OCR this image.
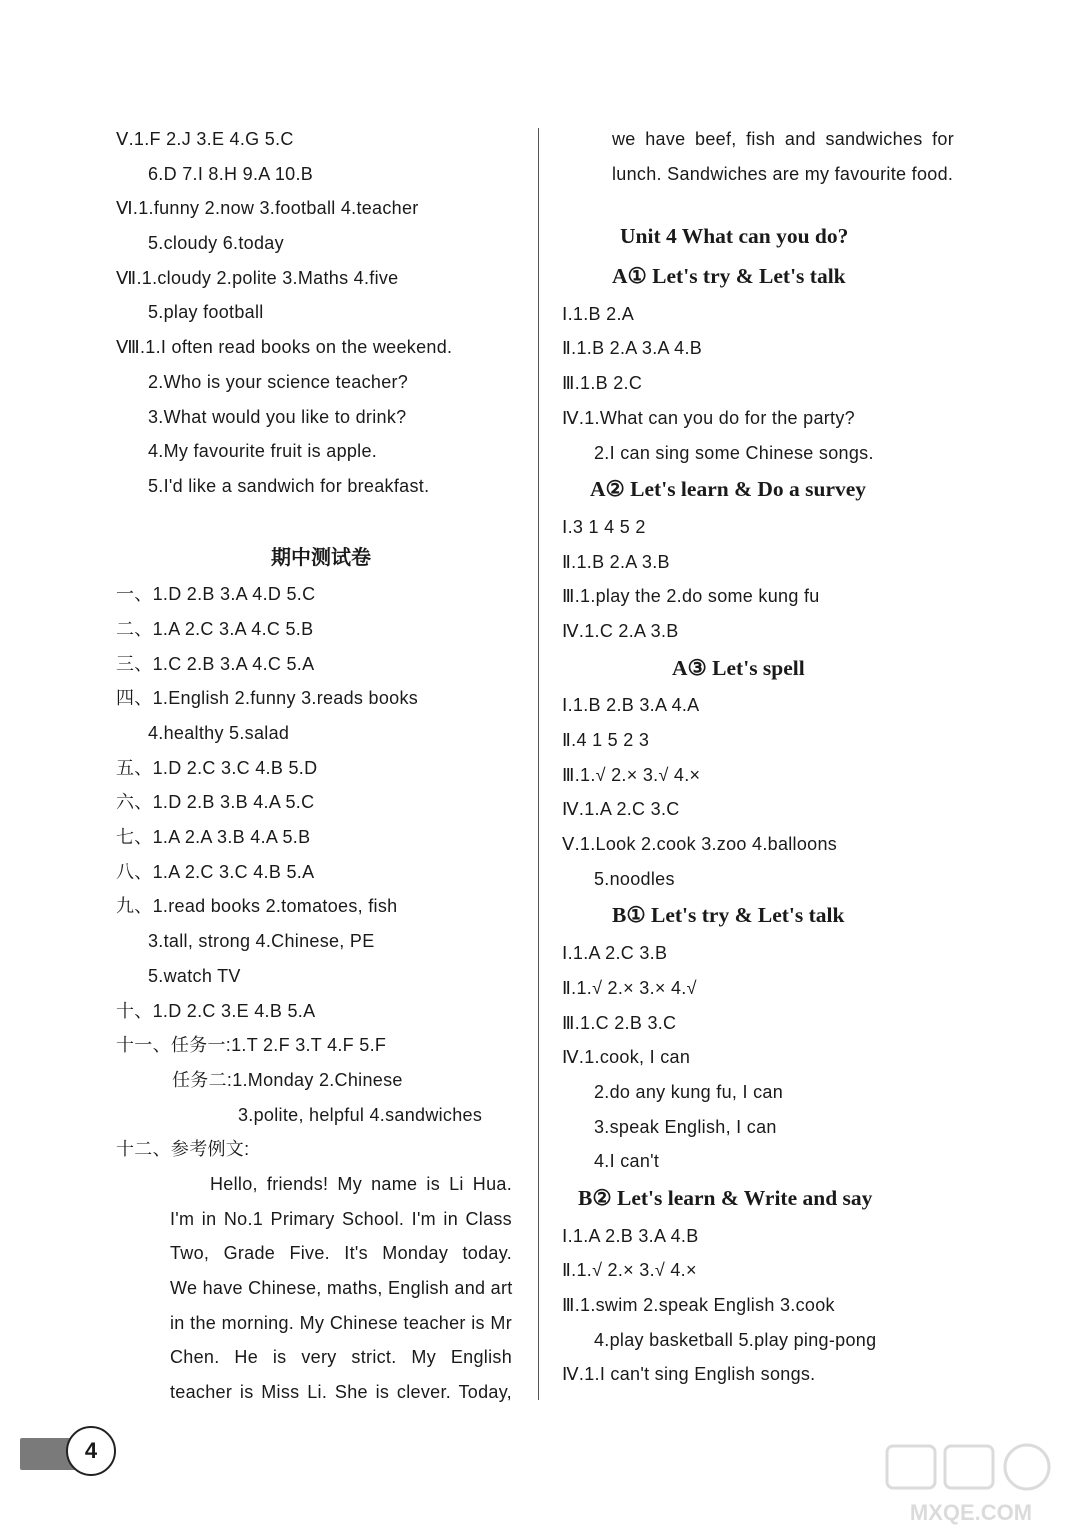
Ⅴ.1.F 2.J 3.E 4.G 5.C
6.D 7.I 8.H 9.A 10.B
Ⅵ.1.funny 2.now 3.football 4.teacher
5.cloudy 6.today
Ⅶ.1.cloudy 2.polite 3.Maths 4.five
5.play football
Ⅷ.1.I often read books on the weekend.
2.Who is your science teacher?
3.What would you like to drink?
4.My favourite fruit is apple.
5.I'd like a sandwich for breakfast.
期中测试卷
一、1.D 2.B 3.A 4.D 5.C
二、1.A 2.C 3.A 4.C 5.B
三、1.C 2.B 3.A 4.C 5.A
四、1.English 2.funny 3.reads books
4.healthy 5.salad
五、1.D 2.C 3.C 4.B 5.D
六、1.D 2.B 3.B 4.A 5.C
七、1.A 2.A 3.B 4.A 5.B
八、1.A 2.C 3.C 4.B 5.A
九、1.read books 2.tomatoes, fish
3.tall, strong 4.Chinese, PE
5.watch TV
十、1.D 2.C 3.E 4.B 5.A
十一、任务一:1.T 2.F 3.T 4.F 5.F
任务二:1.Monday 2.Chinese
3.polite, helpful 4.sandwiches
十二、参考例文:
Hello, friends! My name is Li Hua.
I'm in No.1 Primary School. I'm in Class
Two, Grade Five. It's Monday today.
We have Chinese, maths, English and art
in the morning. My Chinese teacher is Mr
Chen. He is very strict. My English
teacher is Miss Li. She is clever. Today,
we have beef, fish and sandwiches for
lunch. Sandwiches are my favourite food.
Unit 4 What can you do?
A① Let's try & Let's talk
Ⅰ.1.B 2.A
Ⅱ.1.B 2.A 3.A 4.B
Ⅲ.1.B 2.C
Ⅳ.1.What can you do for the party?
2.I can sing some Chinese songs.
A② Let's learn & Do a survey
Ⅰ.3 1 4 5 2
Ⅱ.1.B 2.A 3.B
Ⅲ.1.play the 2.do some kung fu
Ⅳ.1.C 2.A 3.B
A③ Let's spell
Ⅰ.1.B 2.B 3.A 4.A
Ⅱ.4 1 5 2 3
Ⅲ.1.√ 2.× 3.√ 4.×
Ⅳ.1.A 2.C 3.C
Ⅴ.1.Look 2.cook 3.zoo 4.balloons
5.noodles
B① Let's try & Let's talk
Ⅰ.1.A 2.C 3.B
Ⅱ.1.√ 2.× 3.× 4.√
Ⅲ.1.C 2.B 3.C
Ⅳ.1.cook, I can
2.do any kung fu, I can
3.speak English, I can
4.I can't
B② Let's learn & Write and say
Ⅰ.1.A 2.B 3.A 4.B
Ⅱ.1.√ 2.× 3.√ 4.×
Ⅲ.1.swim 2.speak English 3.cook
4.play basketball 5.play ping-pong
Ⅳ.1.I can't sing English songs.
4
MXQE.COM
